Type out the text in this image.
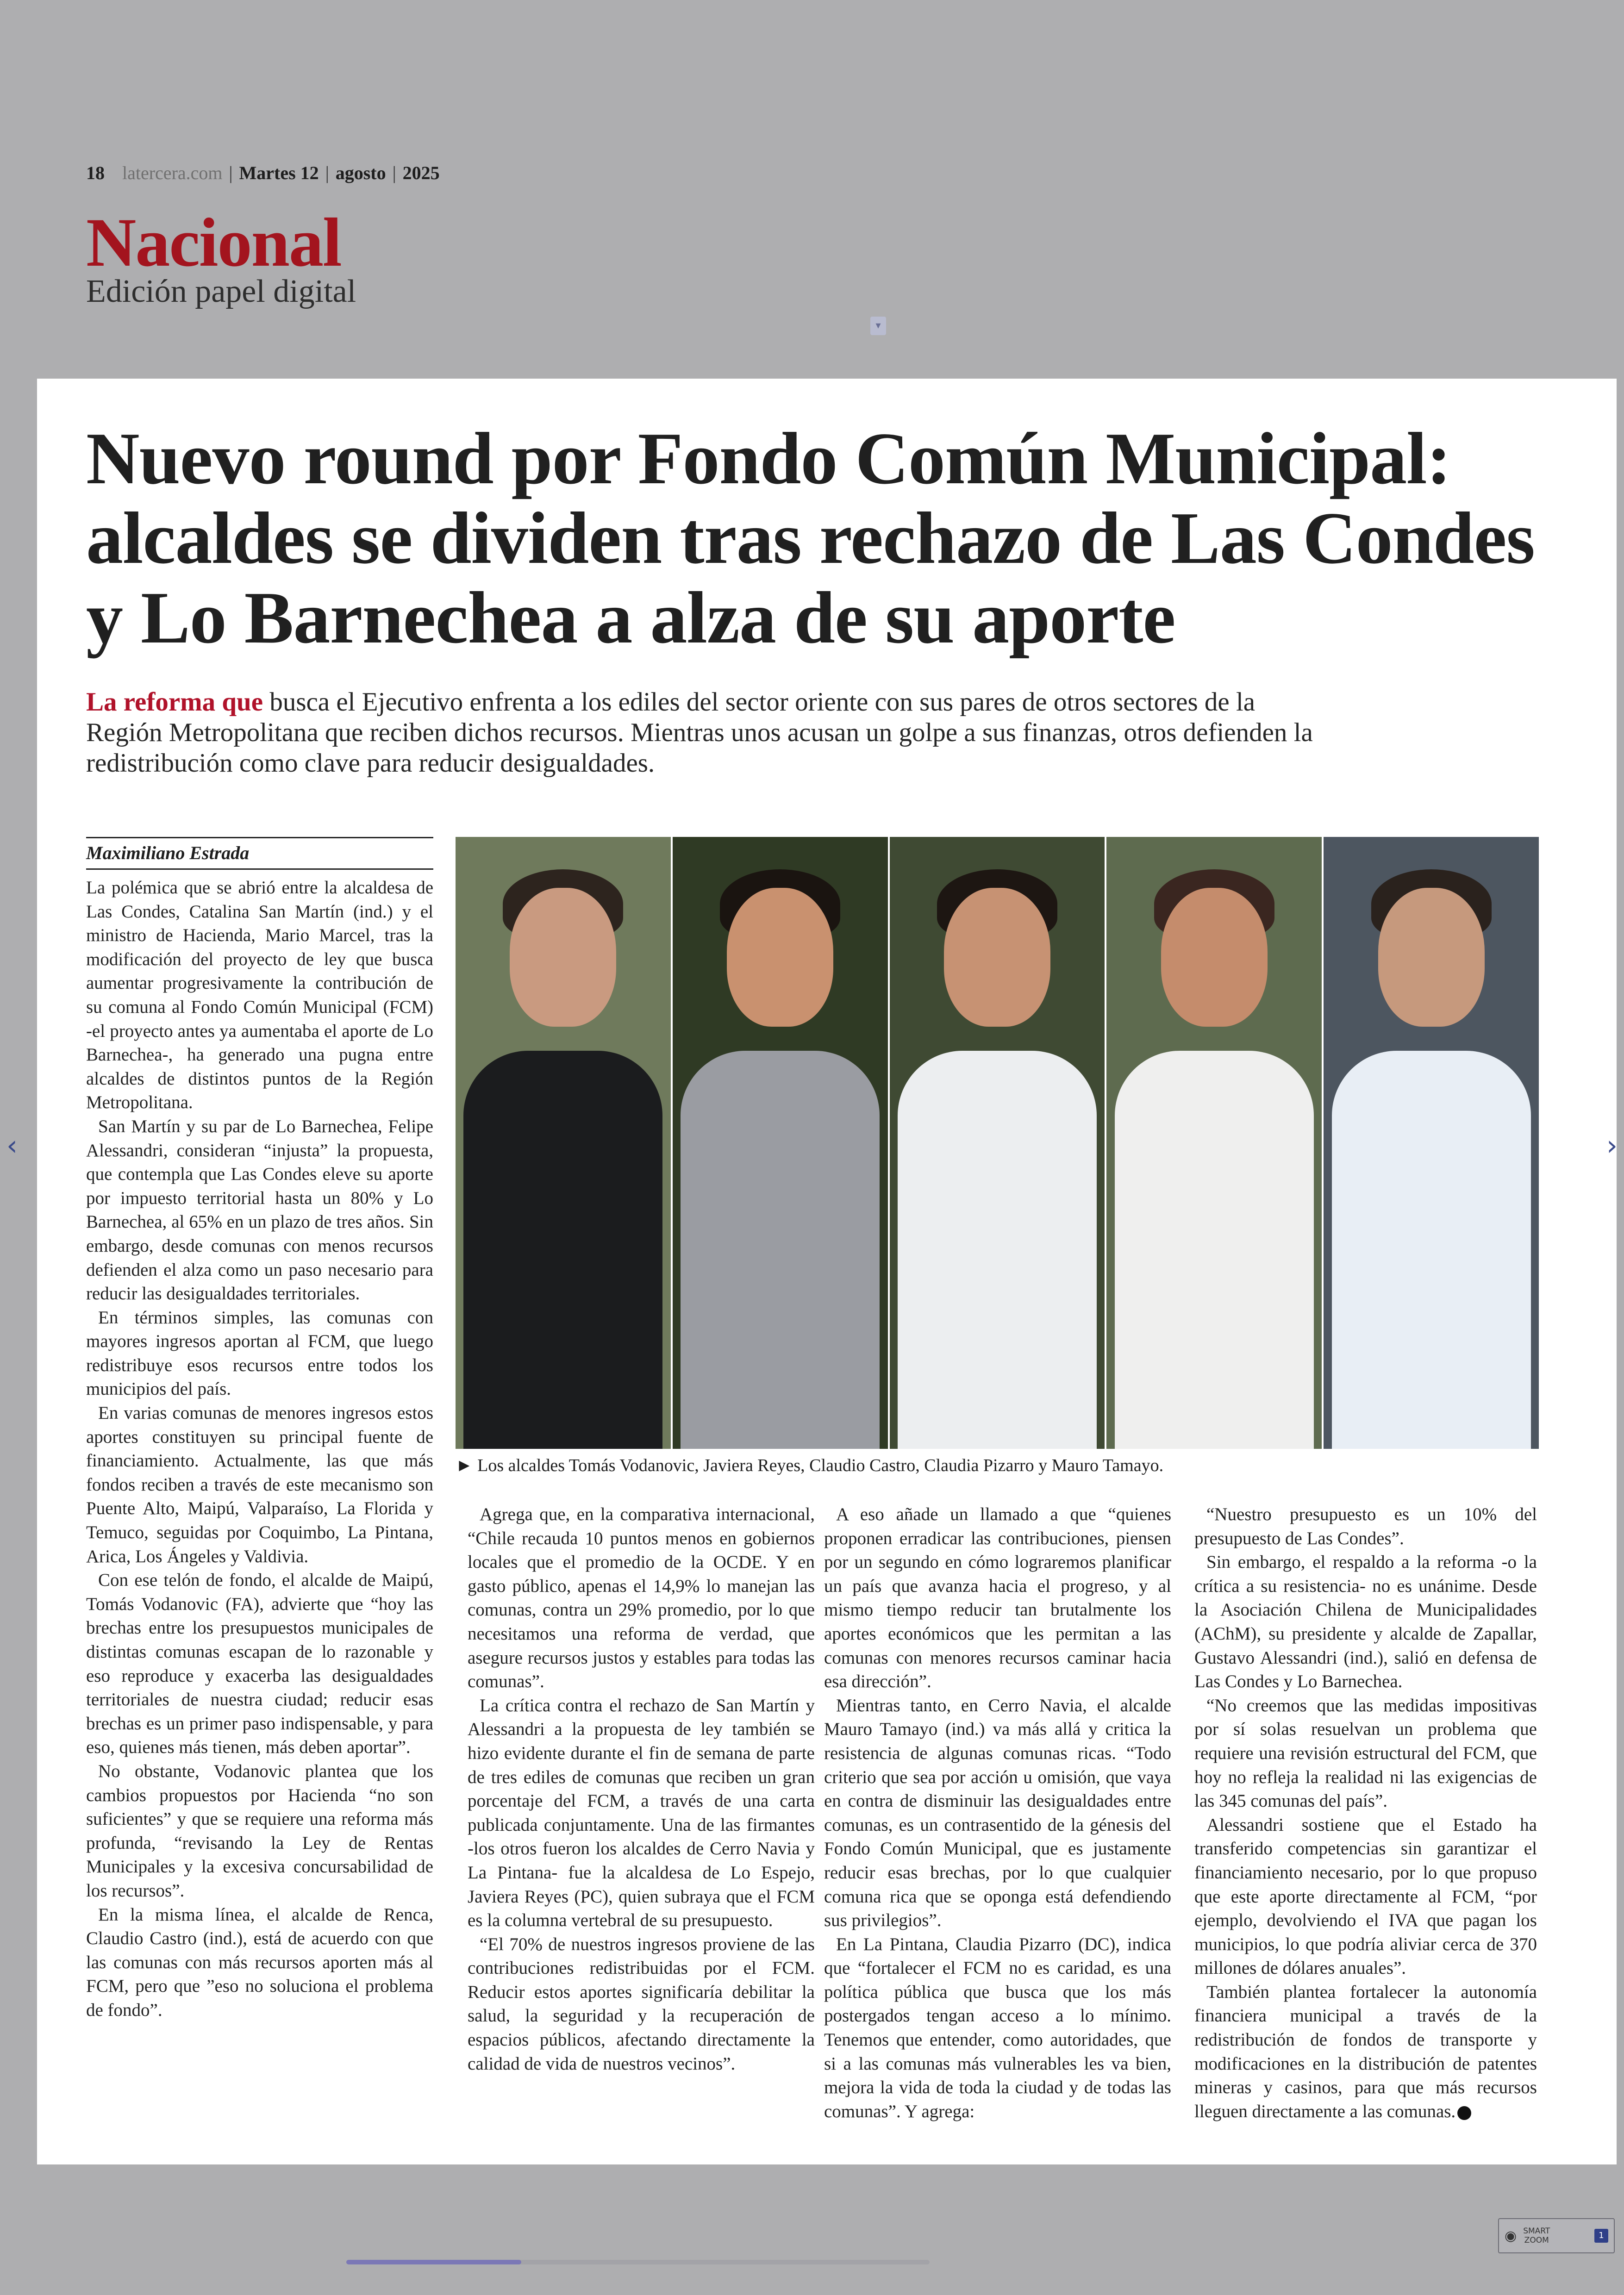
18 latercera.com | Martes 12 | agosto | 2025
Nacional
Edición papel digital
▾
Nuevo round por Fondo Común Municipal: alcaldes se dividen tras rechazo de Las Condes y Lo Barnechea a alza de su aporte

La reforma que busca el Ejecutivo enfrenta a los ediles del sector oriente con sus pares de otros sectores de la Región Metropolitana que reciben dichos recursos. Mientras unos acusan un golpe a sus finanzas, otros defienden la redistribución como clave para reducir desigualdades.

Maximiliano Estrada

La polémica que se abrió entre la alcaldesa de Las Condes, Catalina San Martín (ind.) y el ministro de Hacienda, Mario Marcel, tras la modificación del proyecto de ley que busca aumentar progresivamente la contribución de su comuna al Fondo Común Municipal (FCM) -el proyecto antes ya aumentaba el aporte de Lo Barnechea-, ha generado una pugna entre alcaldes de distintos puntos de la Región Metropolitana.

San Martín y su par de Lo Barnechea, Felipe Alessandri, consideran “injusta” la propuesta, que contempla que Las Condes eleve su aporte por impuesto territorial hasta un 80% y Lo Barnechea, al 65% en un plazo de tres años. Sin embargo, desde comunas con menos recursos defienden el alza como un paso necesario para reducir las desigualdades territoriales.

En términos simples, las comunas con mayores ingresos aportan al FCM, que luego redistribuye esos recursos entre todos los municipios del país.

En varias comunas de menores ingresos estos aportes constituyen su principal fuente de financiamiento. Actualmente, las que más fondos reciben a través de este mecanismo son Puente Alto, Maipú, Valparaíso, La Florida y Temuco, seguidas por Coquimbo, La Pintana, Arica, Los Ángeles y Valdivia.

Con ese telón de fondo, el alcalde de Maipú, Tomás Vodanovic (FA), advierte que “hoy las brechas entre los presupuestos municipales de distintas comunas escapan de lo razonable y eso reproduce y exacerba las desigualdades territoriales de nuestra ciudad; reducir esas brechas es un primer paso indispensable, y para eso, quienes más tienen, más deben aportar”.

No obstante, Vodanovic plantea que los cambios propuestos por Hacienda “no son suficientes” y que se requiere una reforma más profunda, “revisando la Ley de Rentas Municipales y la excesiva concursabilidad de los recursos”.

En la misma línea, el alcalde de Renca, Claudio Castro (ind.), está de acuerdo con que las comunas con más recursos aporten más al FCM, pero que ”eso no soluciona el problema de fondo”.

► Los alcaldes Tomás Vodanovic, Javiera Reyes, Claudio Castro, Claudia Pizarro y Mauro Tamayo.

Agrega que, en la comparativa internacional, “Chile recauda 10 puntos menos en gobiernos locales que el promedio de la OCDE. Y en gasto público, apenas el 14,9% lo manejan las comunas, contra un 29% promedio, por lo que necesitamos una reforma de verdad, que asegure recursos justos y estables para todas las comunas”.

La crítica contra el rechazo de San Martín y Alessandri a la propuesta de ley también se hizo evidente durante el fin de semana de parte de tres ediles de comunas que reciben un gran porcentaje del FCM, a través de una carta publicada conjuntamente. Una de las firmantes -los otros fueron los alcaldes de Cerro Navia y La Pintana- fue la alcaldesa de Lo Espejo, Javiera Reyes (PC), quien subraya que el FCM es la columna vertebral de su presupuesto.

“El 70% de nuestros ingresos proviene de las contribuciones redistribuidas por el FCM. Reducir estos aportes significaría debilitar la salud, la seguridad y la recuperación de espacios públicos, afectando directamente la calidad de vida de nuestros vecinos”.

A eso añade un llamado a que “quienes proponen erradicar las contribuciones, piensen por un segundo en cómo lograremos planificar un país que avanza hacia el progreso, y al mismo tiempo reducir tan brutalmente los aportes económicos que les permitan a las comunas con menores recursos caminar hacia esa dirección”.

Mientras tanto, en Cerro Navia, el alcalde Mauro Tamayo (ind.) va más allá y critica la resistencia de algunas comunas ricas. “Todo criterio que sea por acción u omisión, que vaya en contra de disminuir las desigualdades entre comunas, es un contrasentido de la génesis del Fondo Común Municipal, que es justamente reducir esas brechas, por lo que cualquier comuna rica que se oponga está defendiendo sus privilegios”.

En La Pintana, Claudia Pizarro (DC), indica que “fortalecer el FCM no es caridad, es una política pública que busca que los más postergados tengan acceso a lo mínimo. Tenemos que entender, como autoridades, que si a las comunas más vulnerables les va bien, mejora la vida de toda la ciudad y de todas las comunas”. Y agrega:

“Nuestro presupuesto es un 10% del presupuesto de Las Condes”.

Sin embargo, el respaldo a la reforma -o la crítica a su resistencia- no es unánime. Desde la Asociación Chilena de Municipalidades (AChM), su presidente y alcalde de Zapallar, Gustavo Alessandri (ind.), salió en defensa de Las Condes y Lo Barnechea.

“No creemos que las medidas impositivas por sí solas resuelvan un problema que requiere una revisión estructural del FCM, que hoy no refleja la realidad ni las exigencias de las 345 comunas del país”.

Alessandri sostiene que el Estado ha transferido competencias sin garantizar el financiamiento necesario, por lo que propuso que este aporte directamente al FCM, “por ejemplo, devolviendo el IVA que pagan los municipios, lo que podría aliviar cerca de 370 millones de dólares anuales”.

También plantea fortalecer la autonomía financiera municipal a través de la redistribución de fondos de transporte y modificaciones en la distribución de patentes mineras y casinos, para que más recursos lleguen directamente a las comunas.

‹	›
◉ SMART
ZOOM	1
